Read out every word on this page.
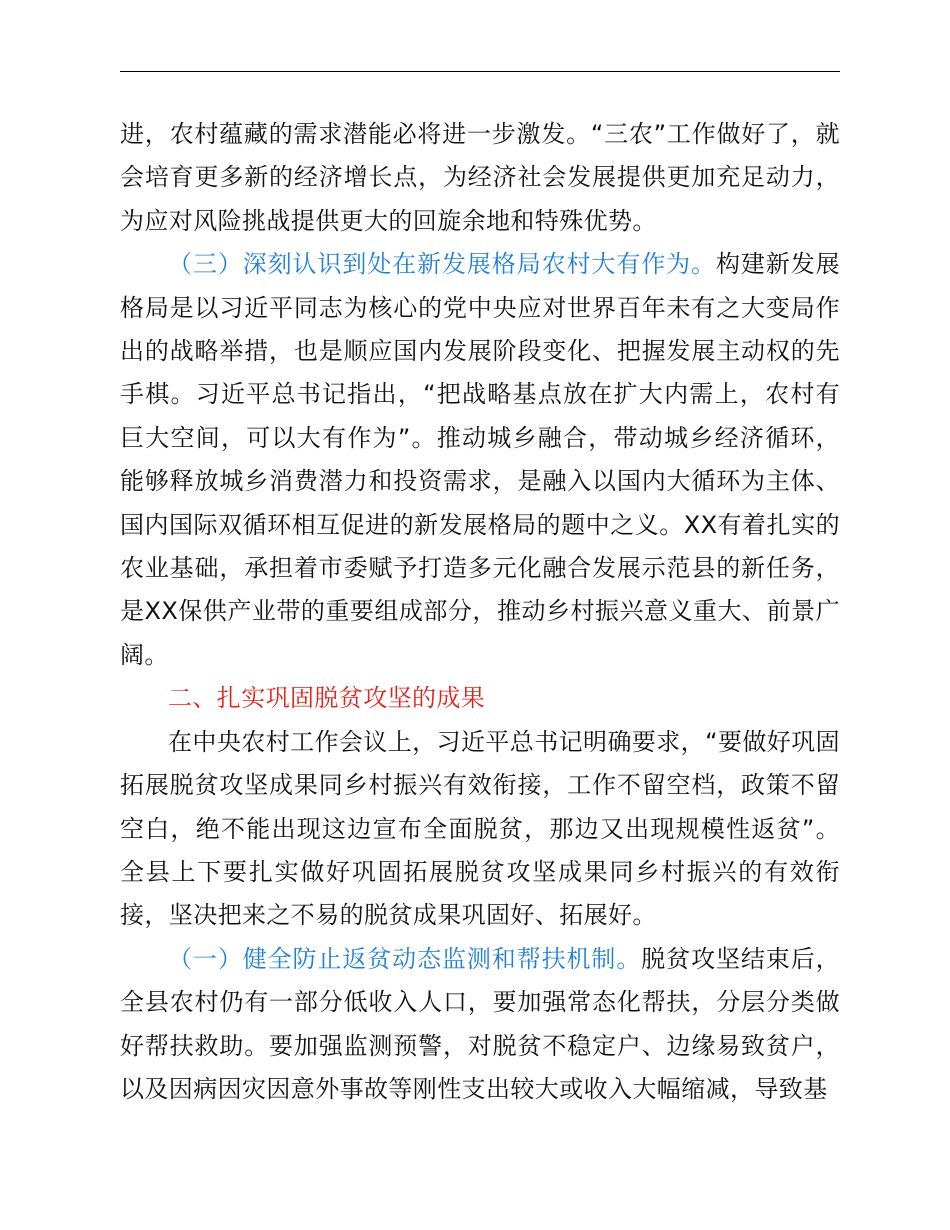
进，农村蕴藏的需求潜能必将进一步激发。“三农”工作做好了，就会培育更多新的经济增长点，为经济社会发展提供更加充足动力，为应对风险挑战提供更大的回旋余地和特殊优势。

（三）深刻认识到处在新发展格局农村大有作为。构建新发展格局是以习近平同志为核心的党中央应对世界百年未有之大变局作出的战略举措，也是顺应国内发展阶段变化、把握发展主动权的先手棋。习近平总书记指出，“把战略基点放在扩大内需上，农村有巨大空间，可以大有作为”。推动城乡融合，带动城乡经济循环，能够释放城乡消费潜力和投资需求，是融入以国内大循环为主体、国内国际双循环相互促进的新发展格局的题中之义。XX有着扎实的农业基础，承担着市委赋予打造多元化融合发展示范县的新任务，是XX保供产业带的重要组成部分，推动乡村振兴意义重大、前景广阔。

二、扎实巩固脱贫攻坚的成果

在中央农村工作会议上，习近平总书记明确要求，“要做好巩固拓展脱贫攻坚成果同乡村振兴有效衔接，工作不留空档，政策不留空白，绝不能出现这边宣布全面脱贫，那边又出现规模性返贫”。全县上下要扎实做好巩固拓展脱贫攻坚成果同乡村振兴的有效衔接，坚决把来之不易的脱贫成果巩固好、拓展好。

（一）健全防止返贫动态监测和帮扶机制。脱贫攻坚结束后，全县农村仍有一部分低收入人口，要加强常态化帮扶，分层分类做好帮扶救助。要加强监测预警，对脱贫不稳定户、边缘易致贫户，以及因病因灾因意外事故等刚性支出较大或收入大幅缩减，导致基
